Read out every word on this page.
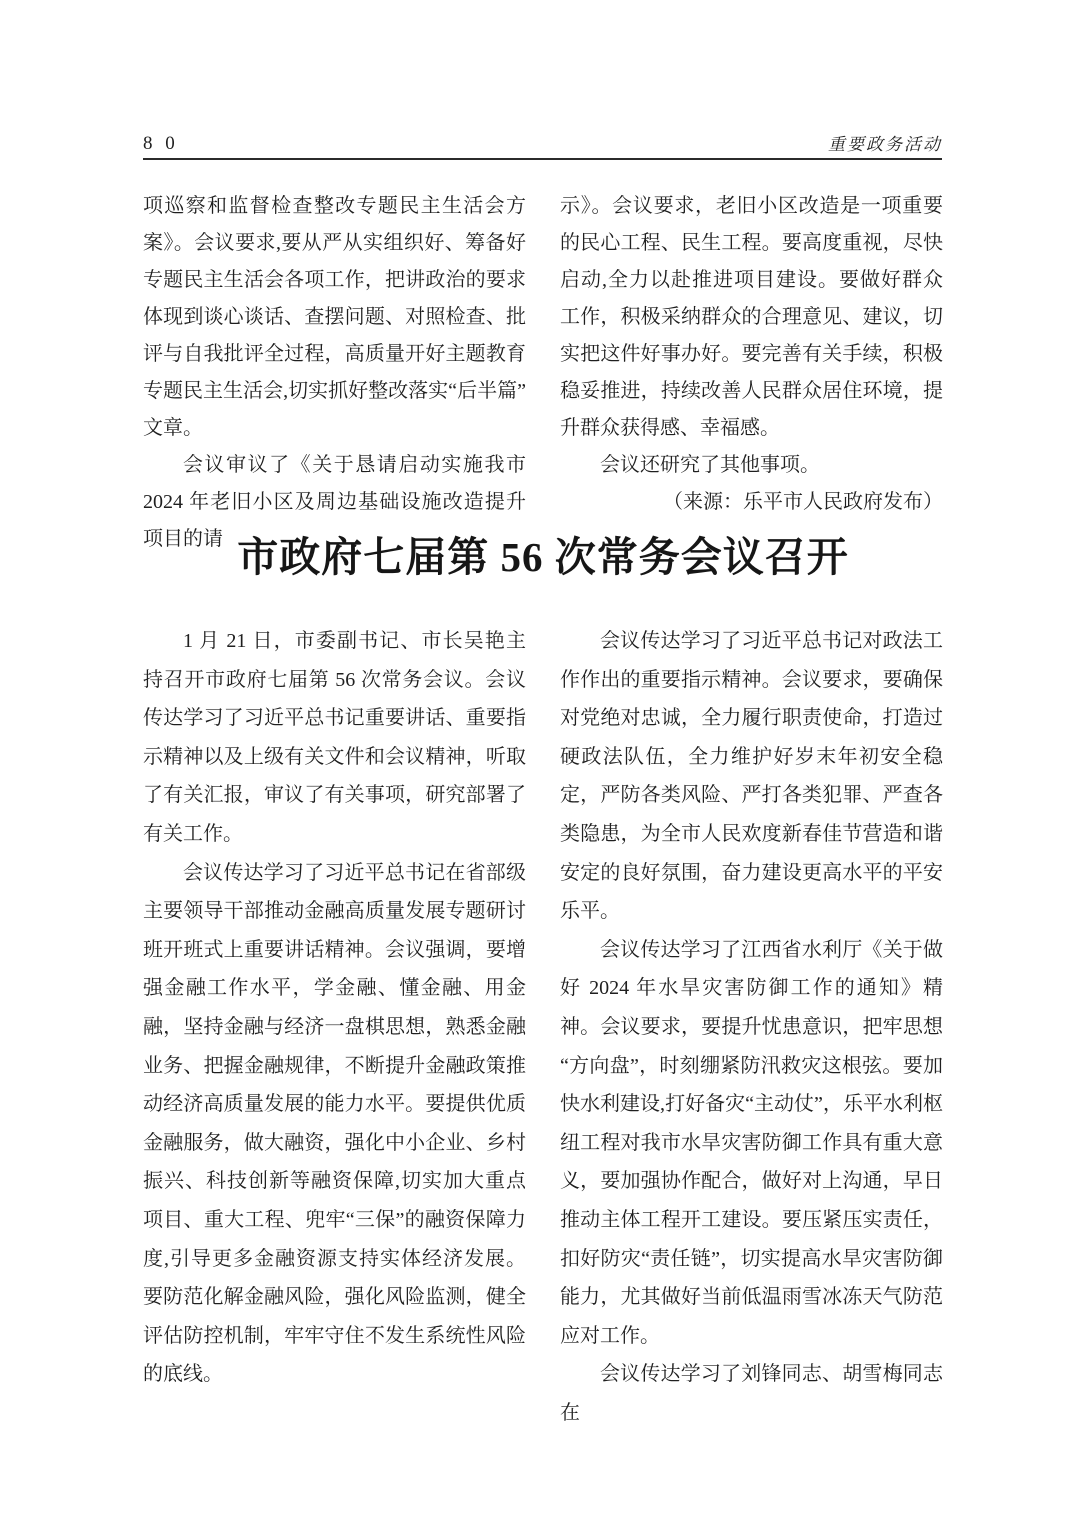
8 0	重要政务活动

项巡察和监督检查整改专题民主生活会方案》。会议要求,要从严从实组织好、筹备好专题民主生活会各项工作，把讲政治的要求体现到谈心谈话、查摆问题、对照检查、批评与自我批评全过程，高质量开好主题教育专题民主生活会,切实抓好整改落实“后半篇”文章。

会议审议了《关于恳请启动实施我市 2024 年老旧小区及周边基础设施改造提升项目的请

示》。会议要求，老旧小区改造是一项重要的民心工程、民生工程。要高度重视，尽快启动,全力以赴推进项目建设。要做好群众工作，积极采纳群众的合理意见、建议，切实把这件好事办好。要完善有关手续，积极稳妥推进，持续改善人民群众居住环境，提升群众获得感、幸福感。

会议还研究了其他事项。

（来源：乐平市人民政府发布）

市政府七届第 56 次常务会议召开

1 月 21 日，市委副书记、市长吴艳主持召开市政府七届第 56 次常务会议。会议传达学习了习近平总书记重要讲话、重要指示精神以及上级有关文件和会议精神，听取了有关汇报，审议了有关事项，研究部署了有关工作。

会议传达学习了习近平总书记在省部级主要领导干部推动金融高质量发展专题研讨班开班式上重要讲话精神。会议强调，要增强金融工作水平，学金融、懂金融、用金融，坚持金融与经济一盘棋思想，熟悉金融业务、把握金融规律，不断提升金融政策推动经济高质量发展的能力水平。要提供优质金融服务，做大融资，强化中小企业、乡村振兴、科技创新等融资保障,切实加大重点项目、重大工程、兜牢“三保”的融资保障力度,引导更多金融资源支持实体经济发展。要防范化解金融风险，强化风险监测，健全评估防控机制，牢牢守住不发生系统性风险的底线。

会议传达学习了习近平总书记对政法工作作出的重要指示精神。会议要求，要确保对党绝对忠诚，全力履行职责使命，打造过硬政法队伍，全力维护好岁末年初安全稳定，严防各类风险、严打各类犯罪、严查各类隐患，为全市人民欢度新春佳节营造和谐安定的良好氛围，奋力建设更高水平的平安乐平。

会议传达学习了江西省水利厅《关于做好 2024 年水旱灾害防御工作的通知》精神。会议要求，要提升忧患意识，把牢思想“方向盘”，时刻绷紧防汛救灾这根弦。要加快水利建设,打好备灾“主动仗”，乐平水利枢纽工程对我市水旱灾害防御工作具有重大意义，要加强协作配合，做好对上沟通，早日推动主体工程开工建设。要压紧压实责任，扣好防灾“责任链”，切实提高水旱灾害防御能力，尤其做好当前低温雨雪冰冻天气防范应对工作。

会议传达学习了刘锋同志、胡雪梅同志在
